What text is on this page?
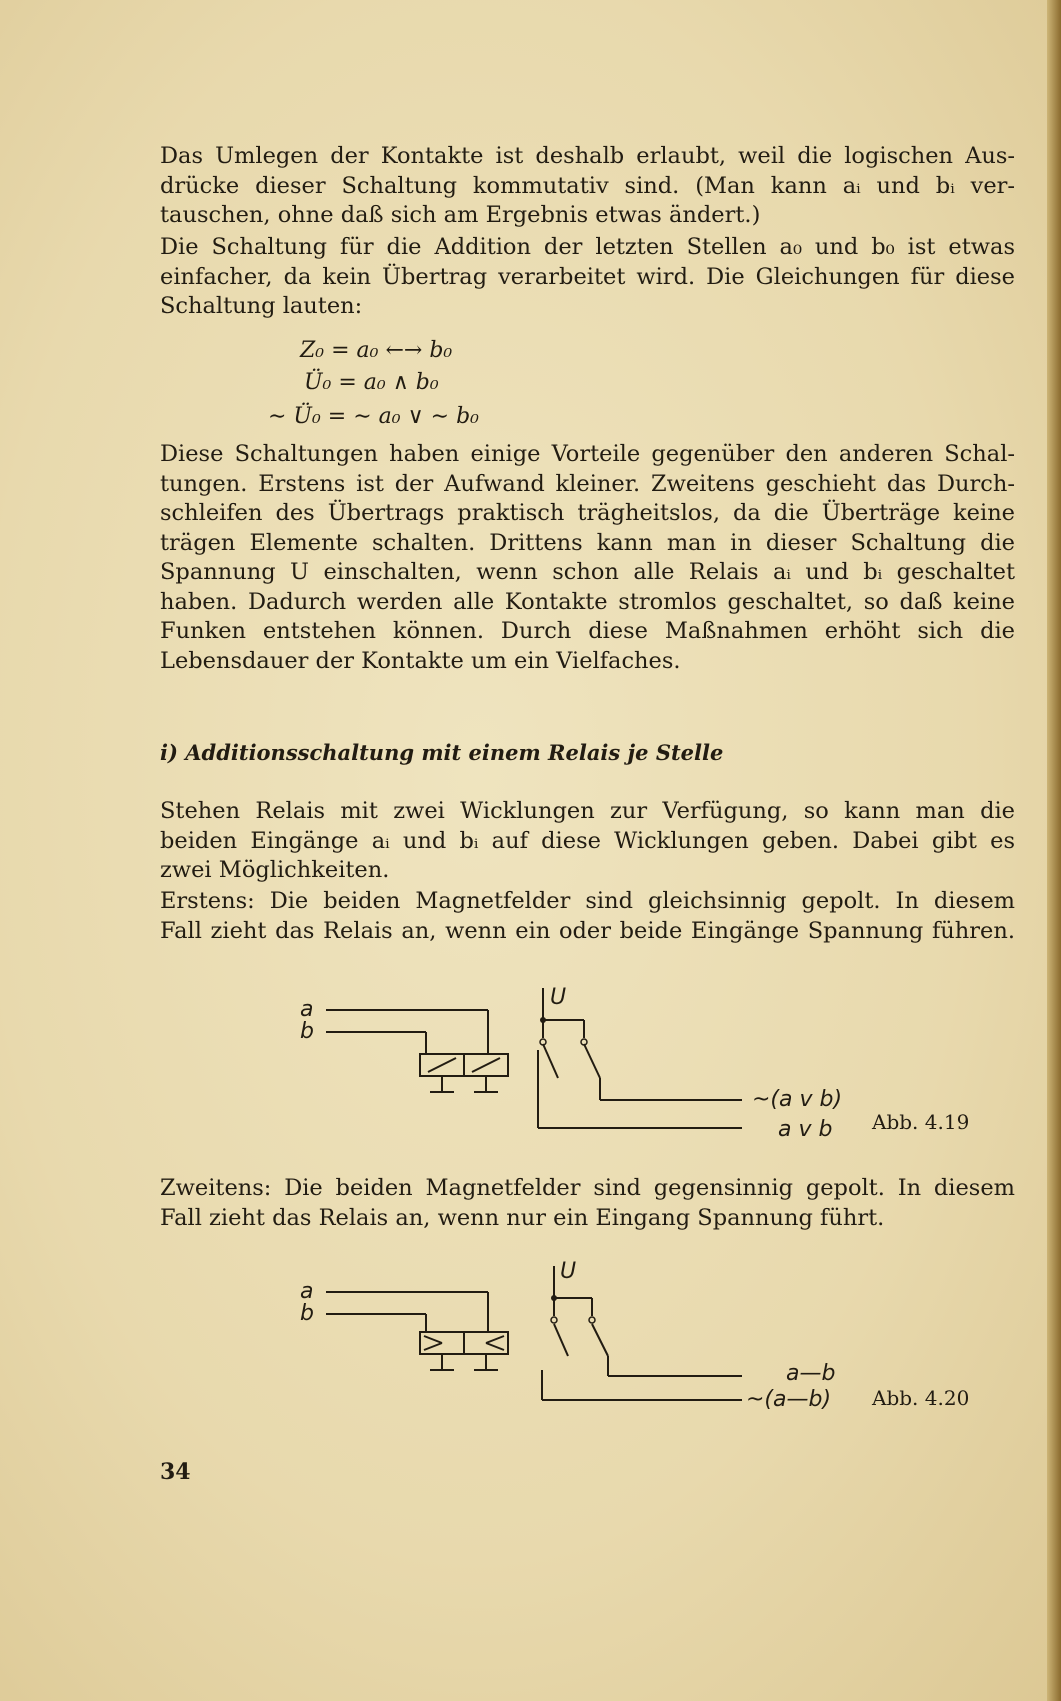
Das Umlegen der Kontakte ist deshalb erlaubt, weil die logischen Aus-
drücke dieser Schaltung kommutativ sind. (Man kann aᵢ und bᵢ ver-
tauschen, ohne daß sich am Ergebnis etwas ändert.)
Die Schaltung für die Addition der letzten Stellen a₀ und b₀ ist etwas
einfacher, da kein Übertrag verarbeitet wird. Die Gleichungen für diese
Schaltung lauten:
Z₀ = a₀ ←→ b₀
Ü₀ = a₀ ∧ b₀
∼ Ü₀ = ∼ a₀ ∨ ∼ b₀
Diese Schaltungen haben einige Vorteile gegenüber den anderen Schal-
tungen. Erstens ist der Aufwand kleiner. Zweitens geschieht das Durch-
schleifen des Übertrags praktisch trägheitslos, da die Überträge keine
trägen Elemente schalten. Drittens kann man in dieser Schaltung die
Spannung U einschalten, wenn schon alle Relais aᵢ und bᵢ geschaltet
haben. Dadurch werden alle Kontakte stromlos geschaltet, so daß keine
Funken entstehen können. Durch diese Maßnahmen erhöht sich die
Lebensdauer der Kontakte um ein Vielfaches.
i) Additionsschaltung mit einem Relais je Stelle
Stehen Relais mit zwei Wicklungen zur Verfügung, so kann man die
beiden Eingänge aᵢ und bᵢ auf diese Wicklungen geben. Dabei gibt es
zwei Möglichkeiten.
Erstens: Die beiden Magnetfelder sind gleichsinnig gepolt. In diesem
Fall zieht das Relais an, wenn ein oder beide Eingänge Spannung führen.
a
b
U
~(a v b)
a v b Abb. 4.19
Zweitens: Die beiden Magnetfelder sind gegensinnig gepolt. In diesem
Fall zieht das Relais an, wenn nur ein Eingang Spannung führt.
a
b
U
a—b
~(a—b) Abb. 4.20
34
